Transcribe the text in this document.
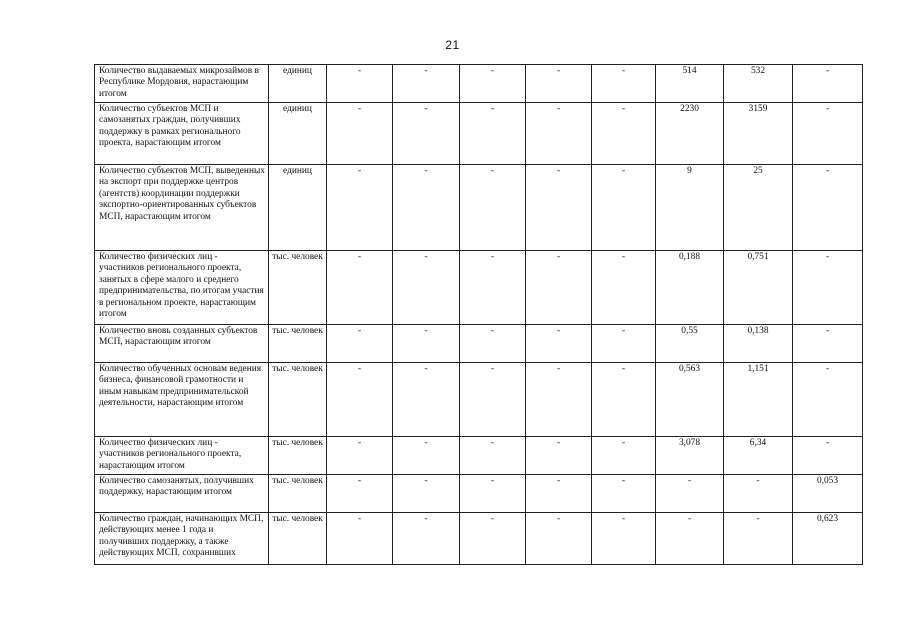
21
Количество выдаваемых микрозаймов в Республике Мордовия, нарастающим итогом	единиц	-	-	-	-	-	514	532	-
Количество субъектов МСП и самозанятых граждан, получивших поддержку в рамках регионального проекта, нарастающим итогом	единиц	-	-	-	-	-	2230	3159	-
Количество субъектов МСП, выведенных на экспорт при поддержке центров (агентств) координации поддержки экспортно-ориентированных субъектов МСП, нарастающим итогом	единиц	-	-	-	-	-	9	25	-
Количество физических лиц - участников регионального проекта, занятых в сфере малого и среднего предпринимательства, по итогам участия в региональном проекте, нарастающим итогом	тыс. человек	-	-	-	-	-	0,188	0,751	-
Количество вновь созданных субъектов МСП, нарастающим итогом	тыс. человек	-	-	-	-	-	0,55	0,138	-
Количество обученных основам ведения бизнеса, финансовой грамотности и иным навыкам предпринимательской деятельности, нарастающим итогом	тыс. человек	-	-	-	-	-	0,563	1,151	-
Количество физических лиц - участников регионального проекта, нарастающим итогом	тыс. человек	-	-	-	-	-	3,078	6,34	-
Количество самозанятых, получивших поддержку, нарастающим итогом	тыс. человек	-	-	-	-	-	-	-	0,053
Количество граждан, начинающих МСП, действующих менее 1 года и получивших поддержку, а также действующих МСП, сохранивших	тыс. человек	-	-	-	-	-	-	-	0,623
